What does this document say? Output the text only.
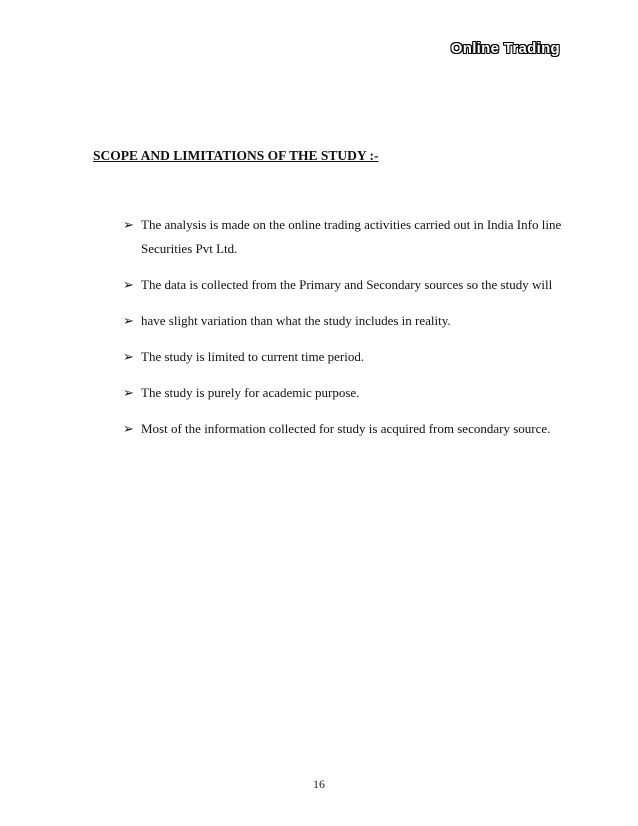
Online Trading
SCOPE AND LIMITATIONS OF THE STUDY :-
➢ The analysis is made on the online trading activities carried out in India Info line Securities Pvt Ltd.
➢ The data is collected from the Primary and Secondary sources so the study will
➢ have slight variation than what the study includes in reality.
➢ The study is limited to current time period.
➢ The study is purely for academic purpose.
➢ Most of the information collected for study is acquired from secondary source.
16
